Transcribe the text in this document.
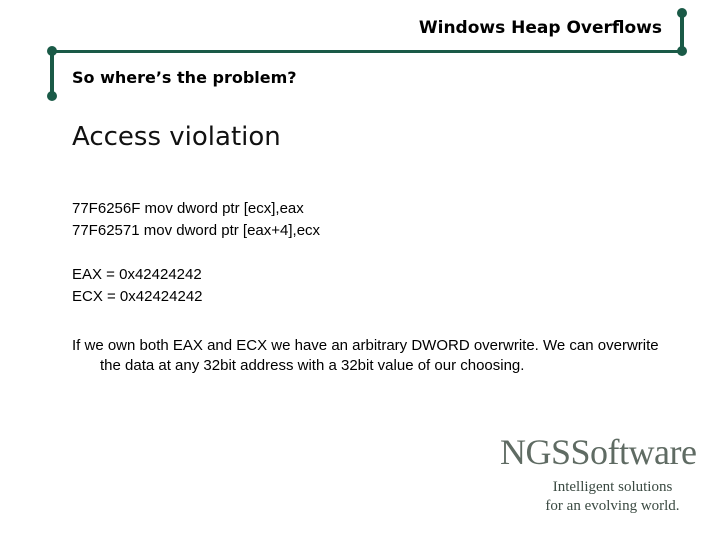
Windows Heap Overflows
So where’s the problem?
Access violation
77F6256F mov dword ptr [ecx],eax
77F62571 mov dword ptr [eax+4],ecx
EAX = 0x42424242
ECX = 0x42424242
If we own both EAX and ECX we have an arbitrary DWORD overwrite. We can overwrite the data at any 32bit address with a 32bit value of our choosing.
NGSSoftware
Intelligent solutions
for an evolving world.
